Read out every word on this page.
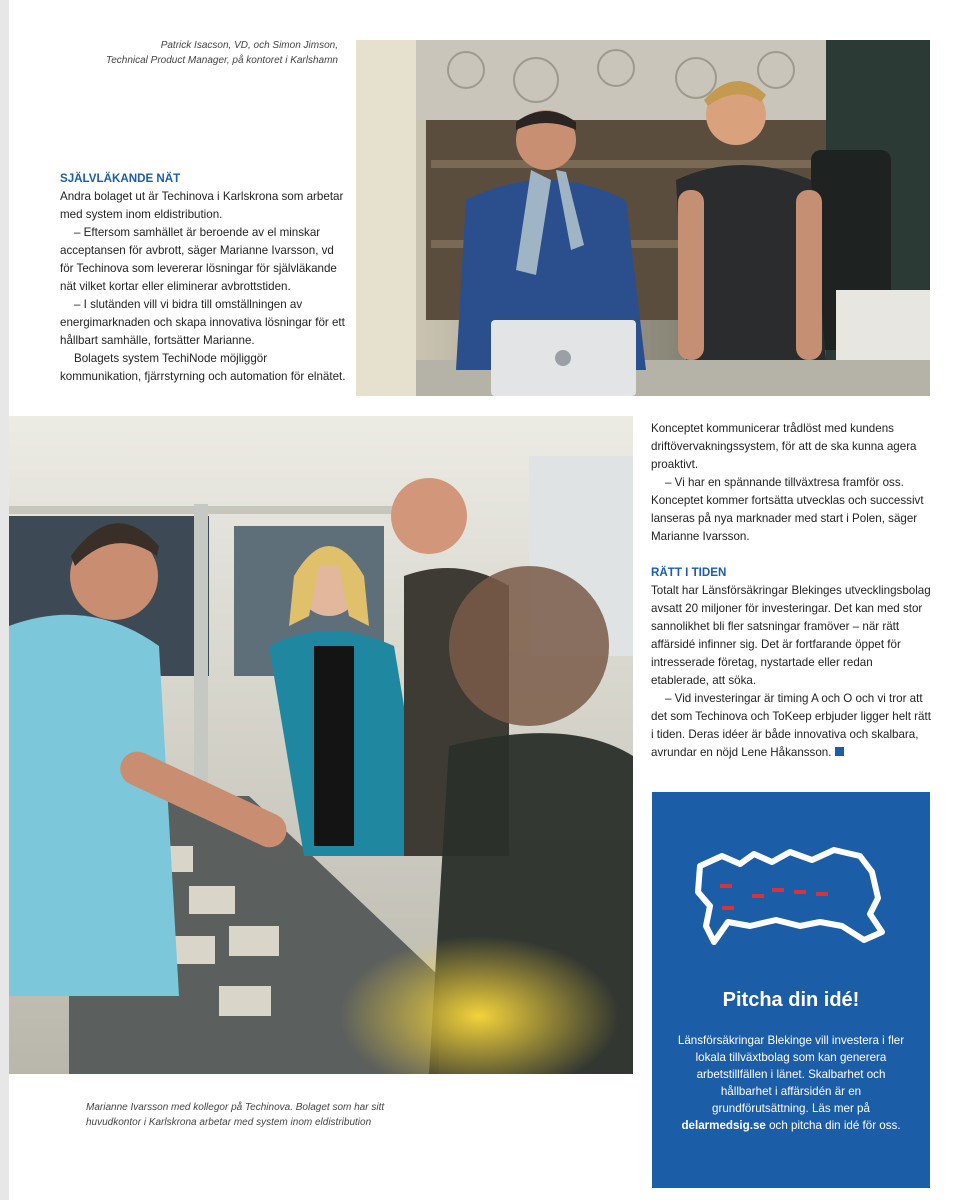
Patrick Isacson, VD, och Simon Jimson,
Technical Product Manager, på kontoret i Karlshamn
SJÄLVLÄKANDE NÄT

Andra bolaget ut är Techinova i Karlskrona som arbetar med system inom eldistribution.

– Eftersom samhället är beroende av el minskar acceptansen för avbrott, säger Marianne Ivarsson, vd för Techinova som levererar lösningar för självläkande nät vilket kortar eller eliminerar avbrottstiden.

– I slutänden vill vi bidra till omställningen av energimarknaden och skapa innovativa lösningar för ett hållbart samhälle, fortsätter Marianne.

Bolagets system TechiNode möjliggör kommunikation, fjärrstyrning och automation för elnätet.

Konceptet kommunicerar trådlöst med kundens driftövervakningssystem, för att de ska kunna agera proaktivt.

– Vi har en spännande tillväxtresa framför oss. Konceptet kommer fortsätta utvecklas och successivt lanseras på nya marknader med start i Polen, säger Marianne Ivarsson.

RÄTT I TIDEN

Totalt har Länsförsäkringar Blekinges utvecklingsbolag avsatt 20 miljoner för investeringar. Det kan med stor sannolikhet bli fler satsningar framöver – när rätt affärsidé infinner sig. Det är fortfarande öppet för intresserade företag, nystartade eller redan etablerade, att söka.

– Vid investeringar är timing A och O och vi tror att det som Techinova och ToKeep erbjuder ligger helt rätt i tiden. Deras idéer är både innovativa och skalbara, avrundar en nöjd Lene Håkansson.

Marianne Ivarsson med kollegor på Techinova. Bolaget som har sitt
huvudkontor i Karlskrona arbetar med system inom eldistribution
Pitcha din idé!
Länsförsäkringar Blekinge vill investera i fler lokala tillväxtbolag som kan generera arbetstillfällen i länet. Skalbarhet och hållbarhet i affärsidén är en grundförutsättning. Läs mer på delarmedsig.se och pitcha din idé för oss.
